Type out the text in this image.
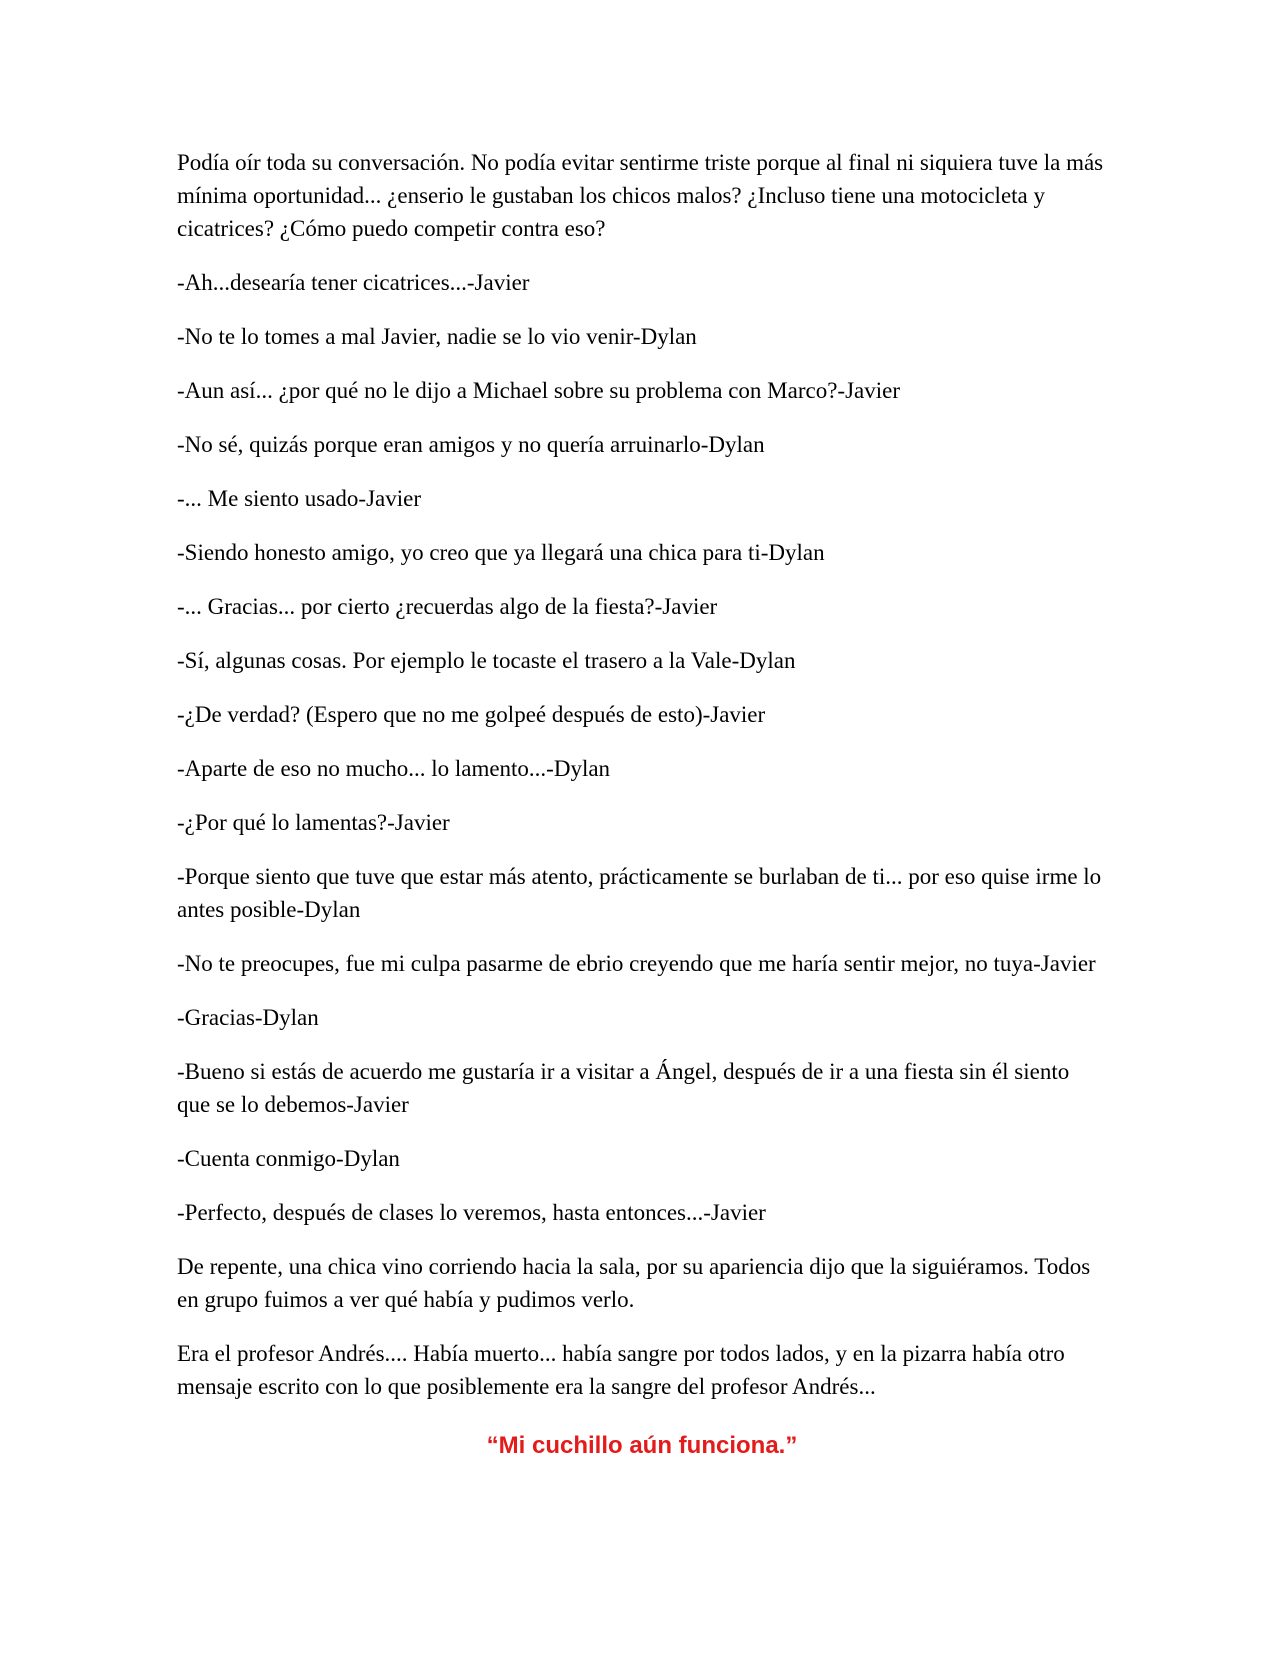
Podía oír toda su conversación. No podía evitar sentirme triste porque al final ni siquiera tuve la más mínima oportunidad... ¿enserio le gustaban los chicos malos? ¿Incluso tiene una motocicleta y cicatrices? ¿Cómo puedo competir contra eso?

-Ah...desearía tener cicatrices...-Javier

-No te lo tomes a mal Javier, nadie se lo vio venir-Dylan

-Aun así... ¿por qué no le dijo a Michael sobre su problema con Marco?-Javier

-No sé, quizás porque eran amigos y no quería arruinarlo-Dylan

-... Me siento usado-Javier

-Siendo honesto amigo, yo creo que ya llegará una chica para ti-Dylan

-... Gracias... por cierto ¿recuerdas algo de la fiesta?-Javier

-Sí, algunas cosas. Por ejemplo le tocaste el trasero a la Vale-Dylan

-¿De verdad? (Espero que no me golpeé después de esto)-Javier

-Aparte de eso no mucho... lo lamento...-Dylan

-¿Por qué lo lamentas?-Javier

-Porque siento que tuve que estar más atento, prácticamente se burlaban de ti... por eso quise irme lo antes posible-Dylan

-No te preocupes, fue mi culpa pasarme de ebrio creyendo que me haría sentir mejor, no tuya-Javier

-Gracias-Dylan

-Bueno si estás de acuerdo me gustaría ir a visitar a Ángel, después de ir a una fiesta sin él siento que se lo debemos-Javier

-Cuenta conmigo-Dylan

-Perfecto, después de clases lo veremos, hasta entonces...-Javier

De repente, una chica vino corriendo hacia la sala, por su apariencia dijo que la siguiéramos. Todos en grupo fuimos a ver qué había y pudimos verlo.

Era el profesor Andrés.... Había muerto... había sangre por todos lados, y en la pizarra había otro mensaje escrito con lo que posiblemente era la sangre del profesor Andrés...

“Mi cuchillo aún funciona.”
